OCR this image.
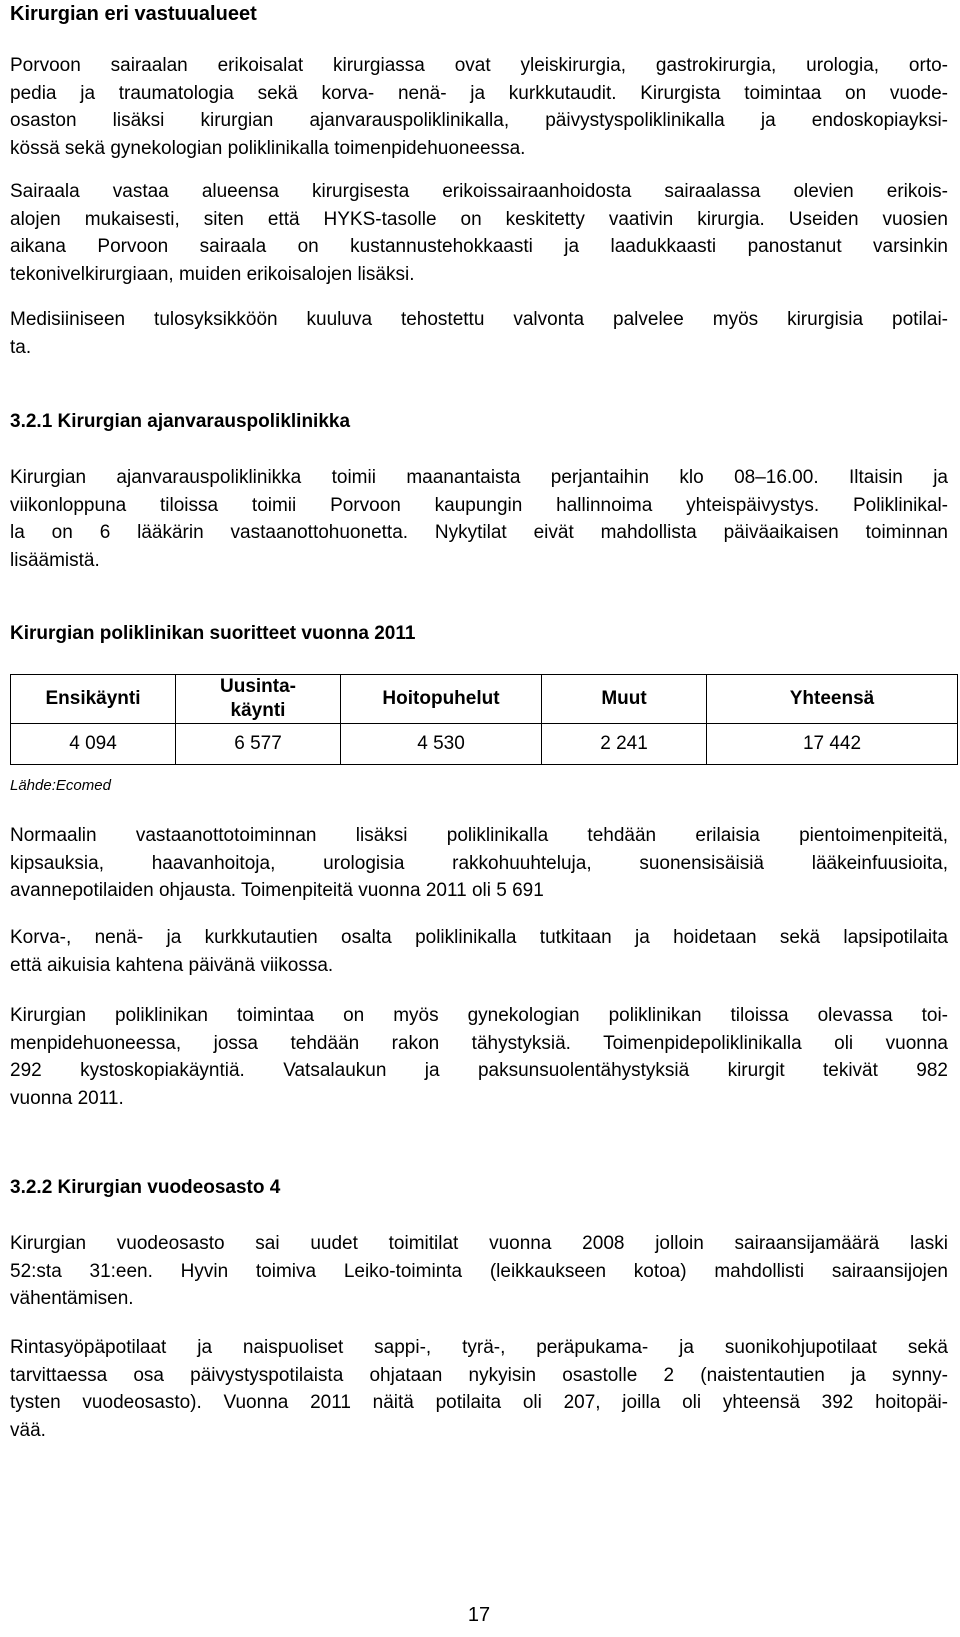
Kirurgian eri vastuualueet
Porvoon sairaalan erikoisalat kirurgiassa ovat yleiskirurgia, gastrokirurgia, urologia, orto-
pedia ja traumatologia sekä korva- nenä- ja kurkkutaudit. Kirurgista toimintaa on vuode-
osaston lisäksi kirurgian ajanvarauspoliklinikalla, päivystyspoliklinikalla ja endoskopiayksi-
kössä sekä gynekologian poliklinikalla toimenpidehuoneessa.
Sairaala vastaa alueensa kirurgisesta erikoissairaanhoidosta sairaalassa olevien erikois-
alojen mukaisesti, siten että HYKS-tasolle on keskitetty vaativin kirurgia. Useiden vuosien
aikana Porvoon sairaala on kustannustehokkaasti ja laadukkaasti panostanut varsinkin
tekonivelkirurgiaan, muiden erikoisalojen lisäksi.
Medisiiniseen tulosyksikköön kuuluva tehostettu valvonta palvelee myös kirurgisia potilai-
ta.
3.2.1 Kirurgian ajanvarauspoliklinikka
Kirurgian ajanvarauspoliklinikka toimii maanantaista perjantaihin klo 08–16.00. Iltaisin ja
viikonloppuna tiloissa toimii Porvoon kaupungin hallinnoima yhteispäivystys. Poliklinikal-
la on 6 lääkärin vastaanottohuonetta. Nykytilat eivät mahdollista päiväaikaisen toiminnan
lisäämistä.
Kirurgian poliklinikan suoritteet vuonna 2011
Ensikäynti	Uusinta-
käynti	Hoitopuhelut	Muut	Yhteensä
4 094	6 577	4 530	2 241	17 442
Lähde:Ecomed
Normaalin vastaanottotoiminnan lisäksi poliklinikalla tehdään erilaisia pientoimenpiteitä,
kipsauksia, haavanhoitoja, urologisia rakkohuuhteluja, suonensisäisiä lääkeinfuusioita,
avannepotilaiden ohjausta. Toimenpiteitä vuonna 2011 oli 5 691
Korva-, nenä- ja kurkkutautien osalta poliklinikalla tutkitaan ja hoidetaan sekä lapsipotilaita
että aikuisia kahtena päivänä viikossa.
Kirurgian poliklinikan toimintaa on myös gynekologian poliklinikan tiloissa olevassa toi-
menpidehuoneessa, jossa tehdään rakon tähystyksiä. Toimenpidepoliklinikalla oli vuonna
292 kystoskopiakäyntiä. Vatsalaukun ja paksunsuolentähystyksiä kirurgit tekivät 982
vuonna 2011.
3.2.2 Kirurgian vuodeosasto 4
Kirurgian vuodeosasto sai uudet toimitilat vuonna 2008 jolloin sairaansijamäärä laski
52:sta 31:een. Hyvin toimiva Leiko-toiminta (leikkaukseen kotoa) mahdollisti sairaansijojen
vähentämisen.
Rintasyöpäpotilaat ja naispuoliset sappi-, tyrä-, peräpukama- ja suonikohjupotilaat sekä
tarvittaessa osa päivystyspotilaista ohjataan nykyisin osastolle 2 (naistentautien ja synny-
tysten vuodeosasto). Vuonna 2011 näitä potilaita oli 207, joilla oli yhteensä 392 hoitopäi-
vää.
17
